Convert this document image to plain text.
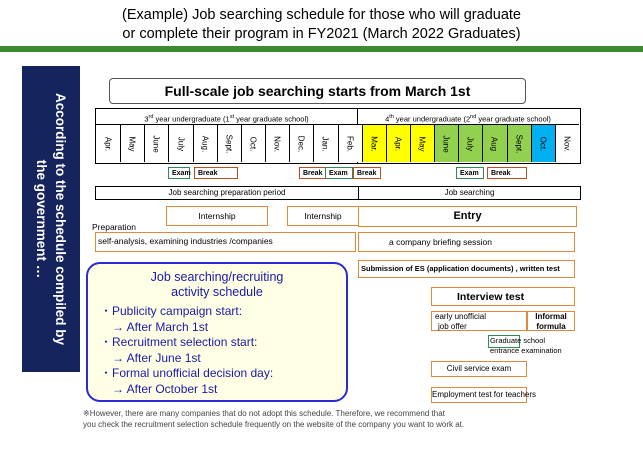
(Example) Job searching schedule for those who will graduate
or complete their program in FY2021 (March 2022 Graduates)
According to the schedule compiled by
the government …
Full-scale job searching starts from March 1st
3rd year undergraduate (1st year graduate school)	4th year undergraduate (2nd year graduate school)
Apr. May June July Aug. Sept. Oct. Nov. Dec. Jan. Feb. Mar. Apr. May June July Aug Sept. Oct. Nov.
Exam	Break	Break Exam	Break	Exam	Break
Job searching preparation period	Job searching
Internship	Internship	Entry
Preparation
self-analysis, examining industries /companies	a company briefing session
Submission of ES (application documents) , written test
Interview test
early unofficial
job offer
Informal
formula
Graduate school
entrance examination
Civil service exam
Employment test for teachers
Job searching/recruiting
activity schedule
・Publicity campaign start:
　→ After March 1st
・Recruitment selection start:
　→ After June 1st
・Formal unofficial decision day:
　→ After October 1st
※However, there are many companies that do not adopt this schedule. Therefore, we recommend that
you check the recruitment selection schedule frequently on the website of the company you want to work at.
